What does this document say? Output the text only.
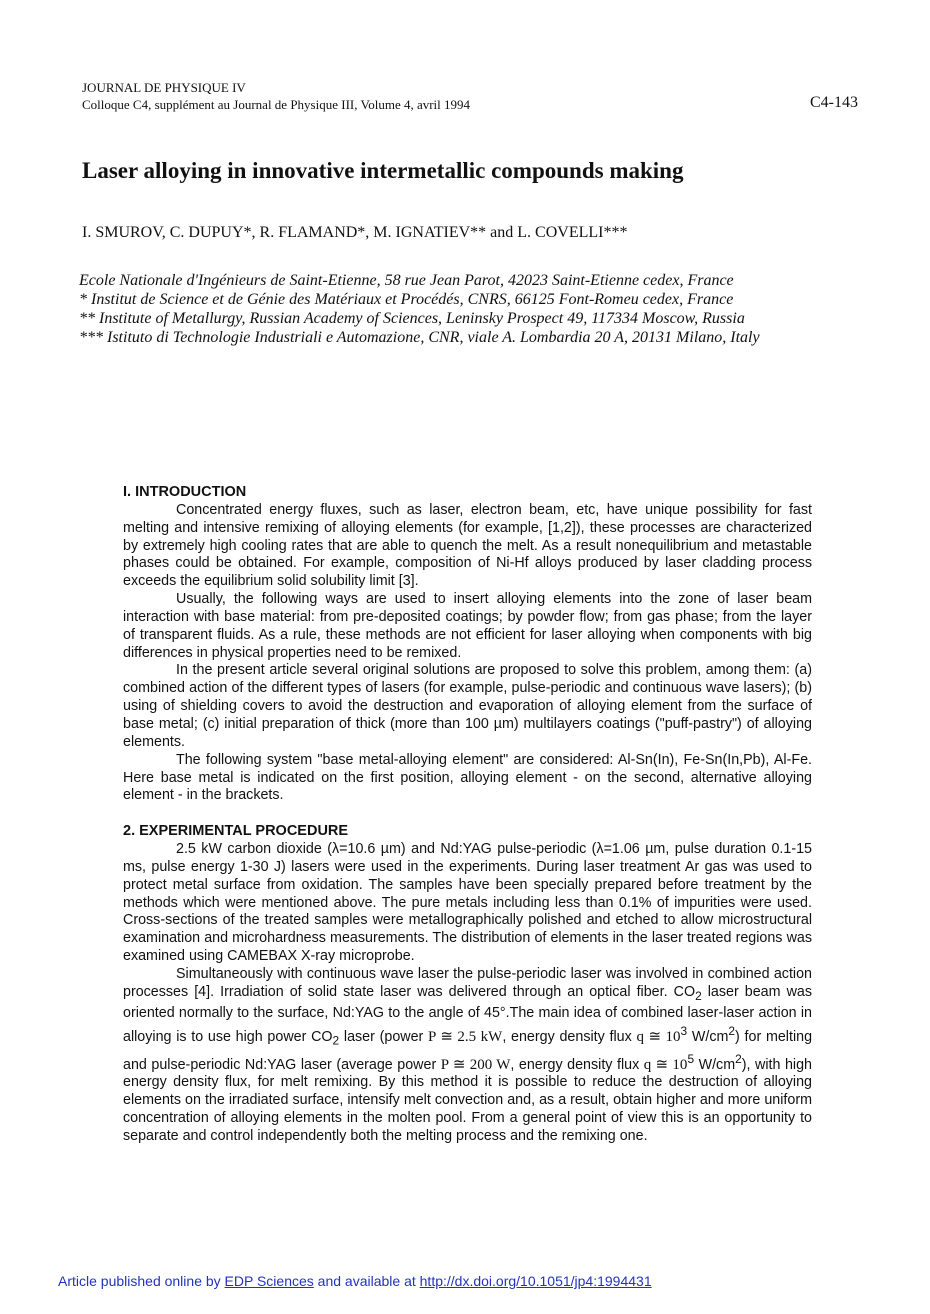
JOURNAL DE PHYSIQUE IV
Colloque C4, supplément au Journal de Physique III, Volume 4, avril 1994	C4-143
Laser alloying in innovative intermetallic compounds making
I. SMUROV, C. DUPUY*, R. FLAMAND*, M. IGNATIEV** and L. COVELLI***
Ecole Nationale d'Ingénieurs de Saint-Etienne, 58 rue Jean Parot, 42023 Saint-Etienne cedex, France
* Institut de Science et de Génie des Matériaux et Procédés, CNRS, 66125 Font-Romeu cedex, France
** Institute of Metallurgy, Russian Academy of Sciences, Leninsky Prospect 49, 117334 Moscow, Russia
*** Istituto di Technologie Industriali e Automazione, CNR, viale A. Lombardia 20 A, 20131 Milano, Italy
I. INTRODUCTION

Concentrated energy fluxes, such as laser, electron beam, etc, have unique possibility for fast melting and intensive remixing of alloying elements (for example, [1,2]), these processes are characterized by extremely high cooling rates that are able to quench the melt. As a result nonequilibrium and metastable phases could be obtained. For example, composition of Ni-Hf alloys produced by laser cladding process exceeds the equilibrium solid solubility limit [3].

Usually, the following ways are used to insert alloying elements into the zone of laser beam interaction with base material: from pre-deposited coatings; by powder flow; from gas phase; from the layer of transparent fluids. As a rule, these methods are not efficient for laser alloying when components with big differences in physical properties need to be remixed.

In the present article several original solutions are proposed to solve this problem, among them: (a) combined action of the different types of lasers (for example, pulse-periodic and continuous wave lasers); (b) using of shielding covers to avoid the destruction and evaporation of alloying element from the surface of base metal; (c) initial preparation of thick (more than 100 µm) multilayers coatings ("puff-pastry") of alloying elements.

The following system "base metal-alloying element" are considered: Al-Sn(In), Fe-Sn(In,Pb), Al-Fe. Here base metal is indicated on the first position, alloying element - on the second, alternative alloying element - in the brackets.

2. EXPERIMENTAL PROCEDURE

2.5 kW carbon dioxide (λ=10.6 µm) and Nd:YAG pulse-periodic (λ=1.06 µm, pulse duration 0.1-15 ms, pulse energy 1-30 J) lasers were used in the experiments. During laser treatment Ar gas was used to protect metal surface from oxidation. The samples have been specially prepared before treatment by the methods which were mentioned above. The pure metals including less than 0.1% of impurities were used. Cross-sections of the treated samples were metallographically polished and etched to allow microstructural examination and microhardness measurements. The distribution of elements in the laser treated regions was examined using CAMEBAX X-ray microprobe.

Simultaneously with continuous wave laser the pulse-periodic laser was involved in combined action processes [4]. Irradiation of solid state laser was delivered through an optical fiber. $CO_2$ laser beam was oriented normally to the surface, Nd:YAG to the angle of 45°.The main idea of combined laser-laser action in alloying is to use high power $CO_2$ laser (power P ≅ 2.5 kW, energy density flux q ≅ $10^3$ $W/cm^2$) for melting and pulse-periodic Nd:YAG laser (average power P ≅ 200 W, energy density flux q ≅ $10^5$ $W/cm^2$), with high energy density flux, for melt remixing. By this method it is possible to reduce the destruction of alloying elements on the irradiated surface, intensify melt convection and, as a result, obtain higher and more uniform concentration of alloying elements in the molten pool. From a general point of view this is an opportunity to separate and control independently both the melting process and the remixing one.

Article published online by EDP Sciences and available at http://dx.doi.org/10.1051/jp4:1994431
